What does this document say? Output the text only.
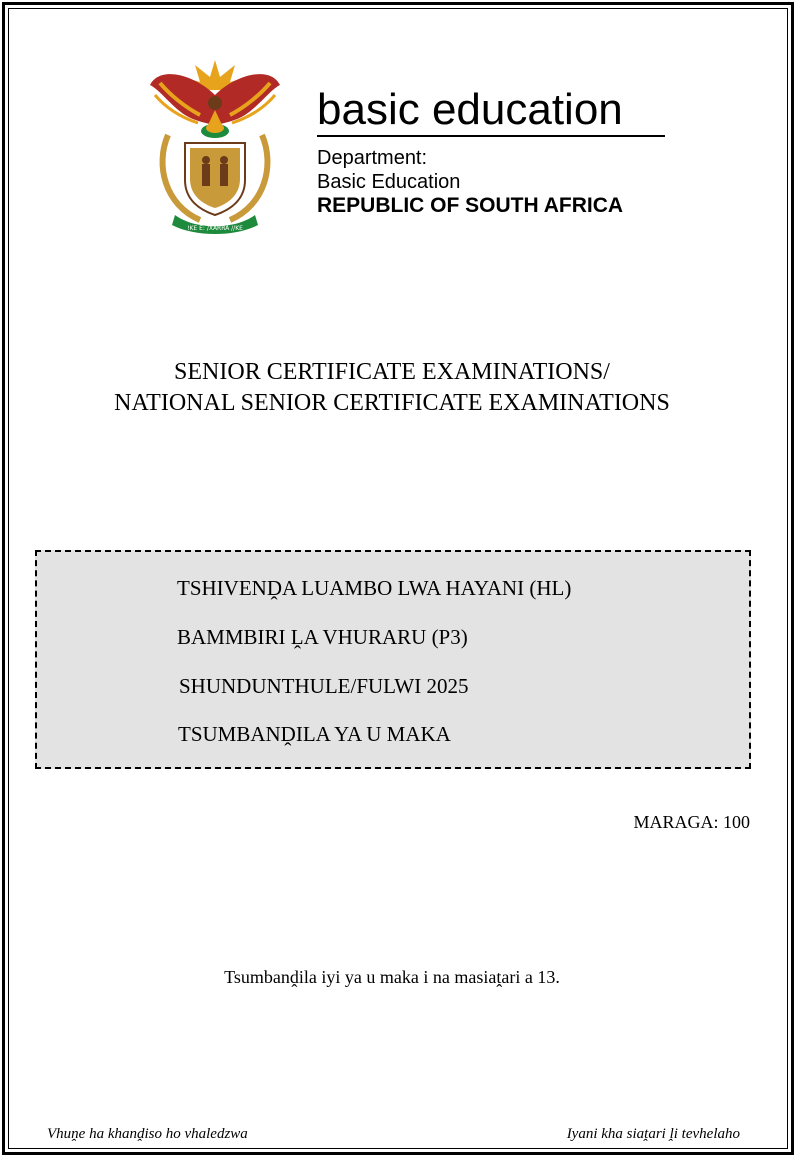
!KE E: /XARRA //KE
basic education
Department:
Basic Education
REPUBLIC OF SOUTH AFRICA
SENIOR CERTIFICATE EXAMINATIONS/
NATIONAL SENIOR CERTIFICATE EXAMINATIONS
TSHIVENḒA LUAMBO LWA HAYANI (HL)
BAMMBIRI ḼA VHURARU (P3)
SHUNDUNTHULE/FULWI 2025
TSUMBANḒILA YA U MAKA
MARAGA: 100
Tsumbanḓila iyi ya u maka i na masiaṱari a 13.
Vhuṋe ha khanḓiso ho vhaledzwa	Iyani kha siaṱari ḽi tevhelaho
